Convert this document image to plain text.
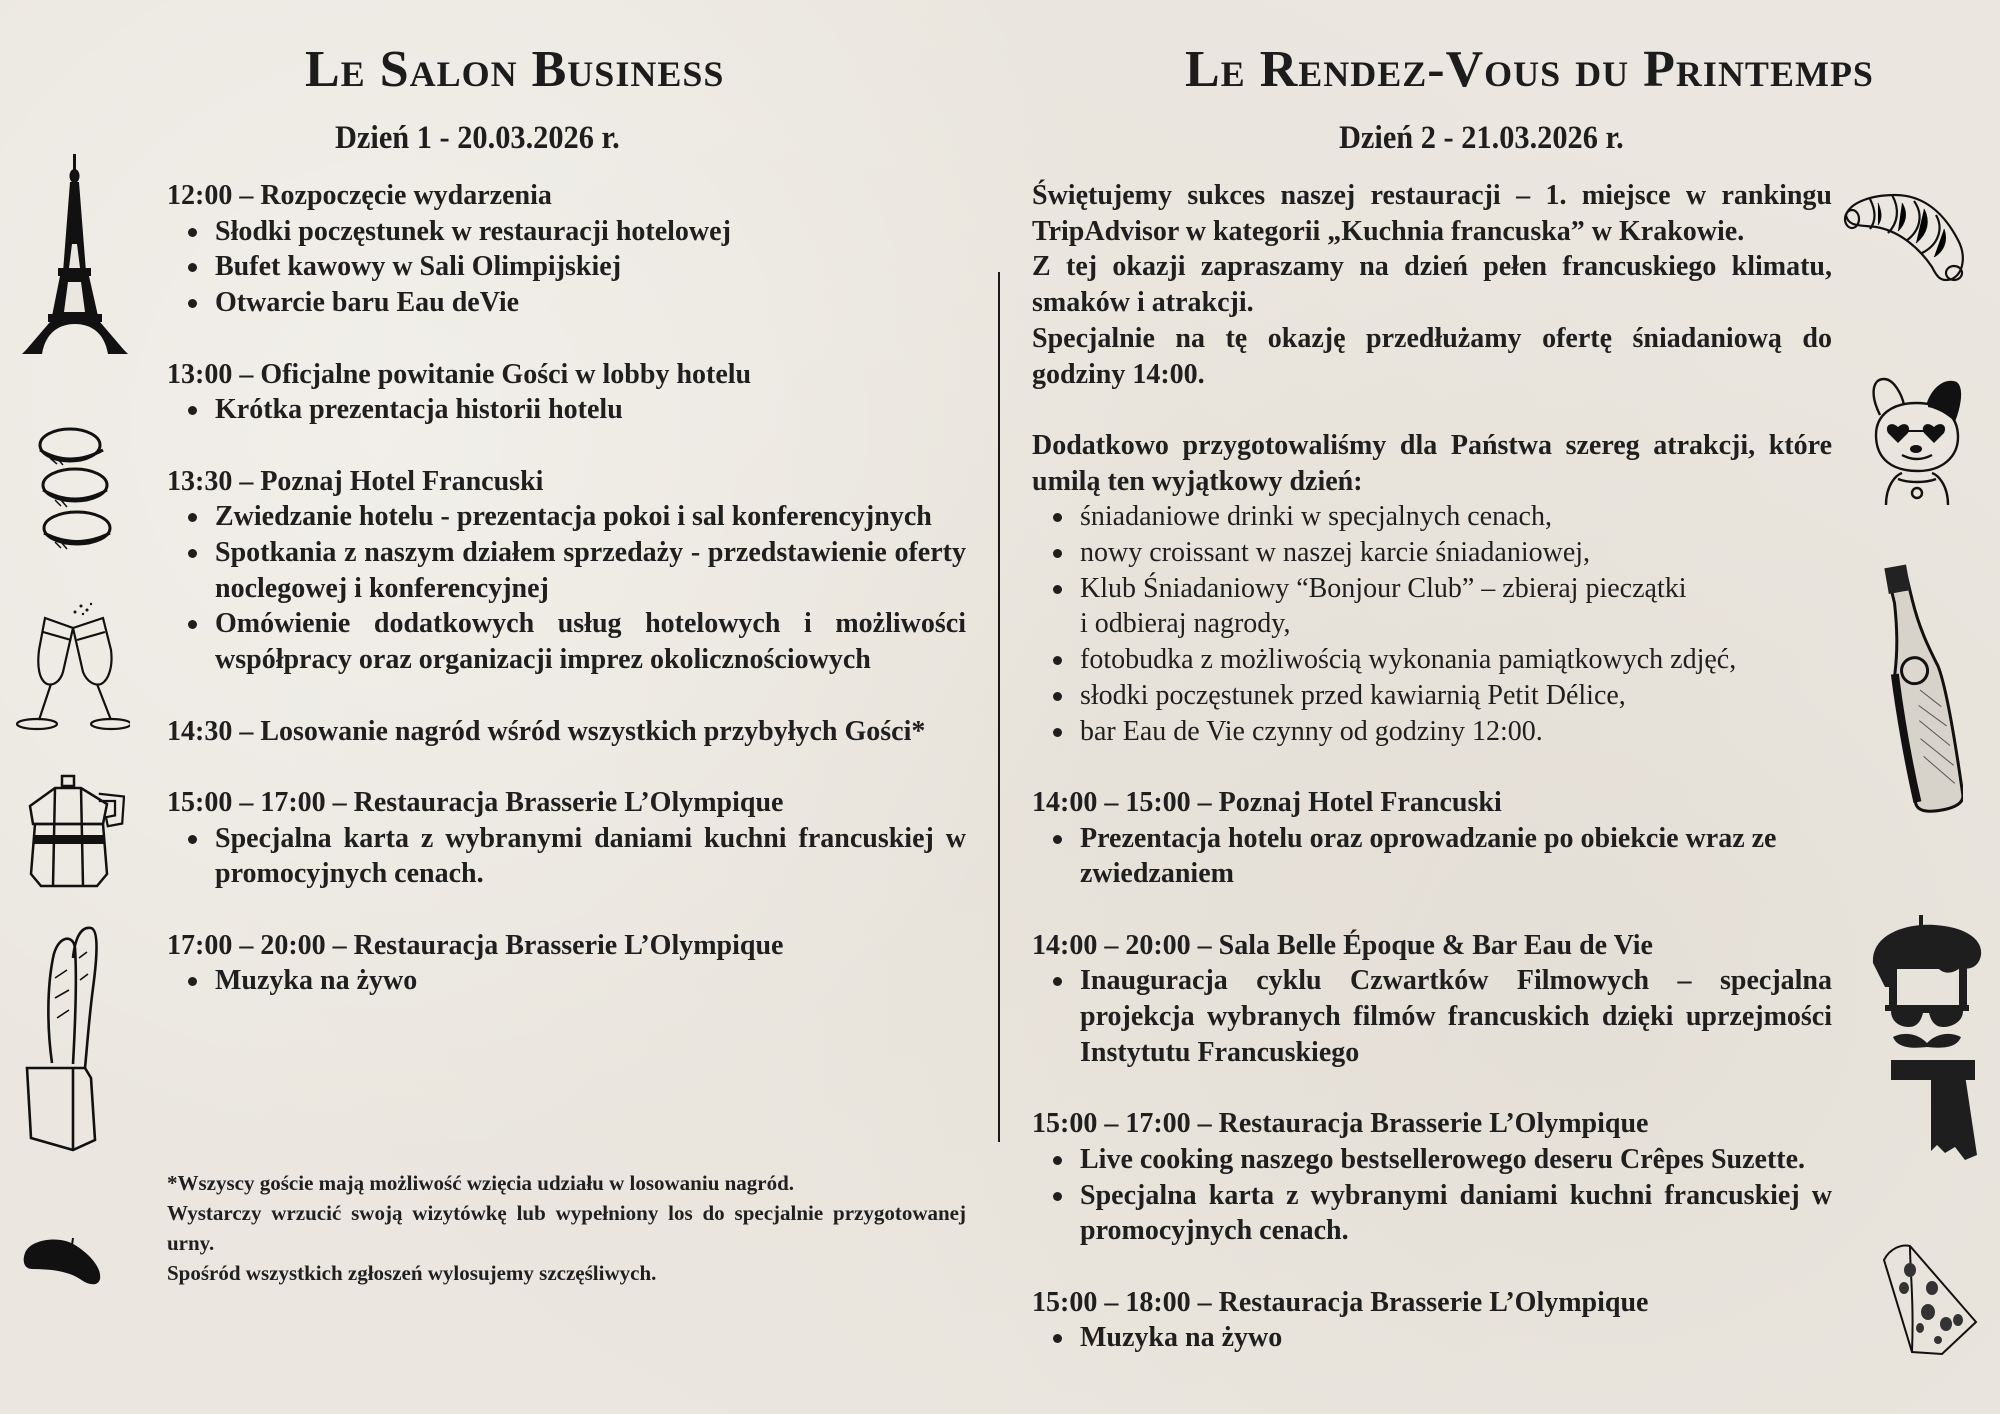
Le Salon Business
Dzień 1 - 20.03.2026 r.
Le Rendez-Vous du Printemps
Dzień 2 - 21.03.2026 r.

12:00 – Rozpoczęcie wydarzenia

Słodki poczęstunek w restauracji hotelowej
Bufet kawowy w Sali Olimpijskiej
Otwarcie baru Eau deVie

13:00 – Oficjalne powitanie Gości w lobby hotelu

Krótka prezentacja historii hotelu

13:30 – Poznaj Hotel Francuski

Zwiedzanie hotelu - prezentacja pokoi i sal konferencyjnych
Spotkania z naszym działem sprzedaży - przedstawienie oferty noclegowej i konferencyjnej
Omówienie dodatkowych usług hotelowych i możliwości współpracy oraz organizacji imprez okolicznościowych

14:30 – Losowanie nagród wśród wszystkich przybyłych Gości*

15:00 – 17:00 – Restauracja Brasserie L’Olympique

Specjalna karta z wybranymi daniami kuchni francuskiej w promocyjnych cenach.

17:00 – 20:00 – Restauracja Brasserie L’Olympique

Muzyka na żywo

*Wszyscy goście mają możliwość wzięcia udziału w losowaniu nagród.

Wystarczy wrzucić swoją wizytówkę lub wypełniony los do specjalnie przygotowanej urny.

Spośród wszystkich zgłoszeń wylosujemy szczęśliwych.

Świętujemy sukces naszej restauracji – 1. miejsce w rankingu TripAdvisor w kategorii „Kuchnia francuska” w Krakowie.

Z tej okazji zapraszamy na dzień pełen francuskiego klimatu, smaków i atrakcji.

Specjalnie na tę okazję przedłużamy ofertę śniadaniową do godziny 14:00.

Dodatkowo przygotowaliśmy dla Państwa szereg atrakcji, które umilą ten wyjątkowy dzień:

śniadaniowe drinki w specjalnych cenach,
nowy croissant w naszej karcie śniadaniowej,
Klub Śniadaniowy “Bonjour Club” – zbieraj pieczątki
i odbieraj nagrody,
fotobudka z możliwością wykonania pamiątkowych zdjęć,
słodki poczęstunek przed kawiarnią Petit Délice,
bar Eau de Vie czynny od godziny 12:00.

14:00 – 15:00 – Poznaj Hotel Francuski

Prezentacja hotelu oraz oprowadzanie po obiekcie wraz ze zwiedzaniem

14:00 – 20:00 – Sala Belle Époque & Bar Eau de Vie

Inauguracja cyklu Czwartków Filmowych – specjalna projekcja wybranych filmów francuskich dzięki uprzejmości Instytutu Francuskiego

15:00 – 17:00 – Restauracja Brasserie L’Olympique

Live cooking naszego bestsellerowego deseru Crêpes Suzette.
Specjalna karta z wybranymi daniami kuchni francuskiej w promocyjnych cenach.

15:00 – 18:00 – Restauracja Brasserie L’Olympique

Muzyka na żywo
